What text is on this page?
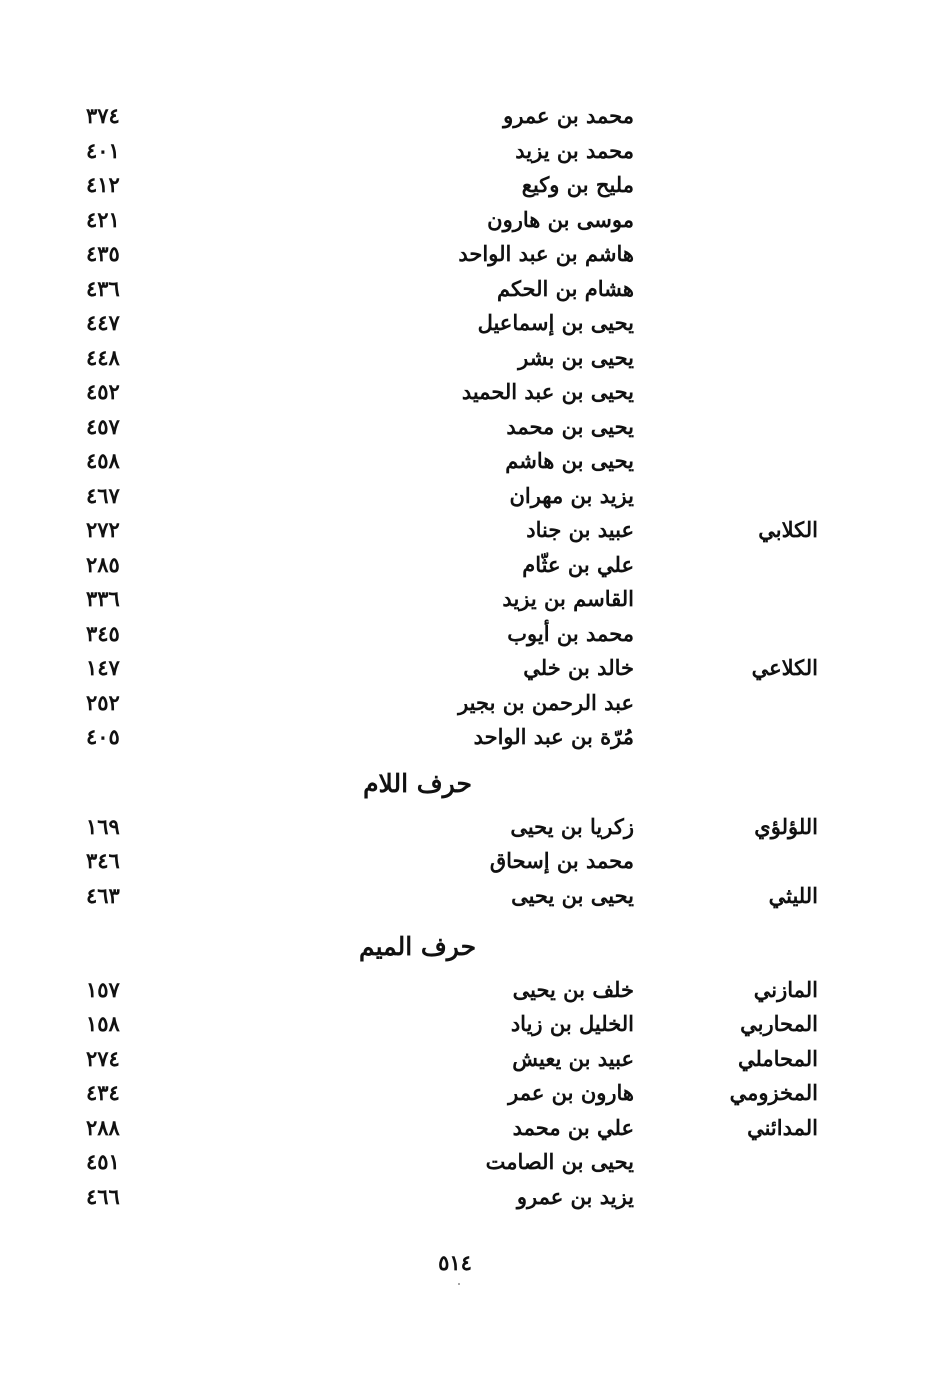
محمد بن عمرو
٣٧٤
محمد بن يزيد
٤٠١
مليح بن وكيع
٤١٢
موسى بن هارون
٤٢١
هاشم بن عبد الواحد
٤٣٥
هشام بن الحكم
٤٣٦
يحيى بن إسماعيل
٤٤٧
يحيى بن بشر
٤٤٨
يحيى بن عبد الحميد
٤٥٢
يحيى بن محمد
٤٥٧
يحيى بن هاشم
٤٥٨
يزيد بن مهران
٤٦٧
الكلابي
عبيد بن جناد
٢٧٢
علي بن عثّام
٢٨٥
القاسم بن يزيد
٣٣٦
محمد بن أيوب
٣٤٥
الكلاعي
خالد بن خلي
١٤٧
عبد الرحمن بن بجير
٢٥٢
مُرّة بن عبد الواحد
٤٠٥
حرف اللام
اللؤلؤي
زكريا بن يحيى
١٦٩
محمد بن إسحاق
٣٤٦
الليثي
يحيى بن يحيى
٤٦٣
حرف الميم
المازني
خلف بن يحيى
١٥٧
المحاربي
الخليل بن زياد
١٥٨
المحاملي
عبيد بن يعيش
٢٧٤
المخزومي
هارون بن عمر
٤٣٤
المدائني
علي بن محمد
٢٨٨
يحيى بن الصامت
٤٥١
يزيد بن عمرو
٤٦٦
٥١٤
